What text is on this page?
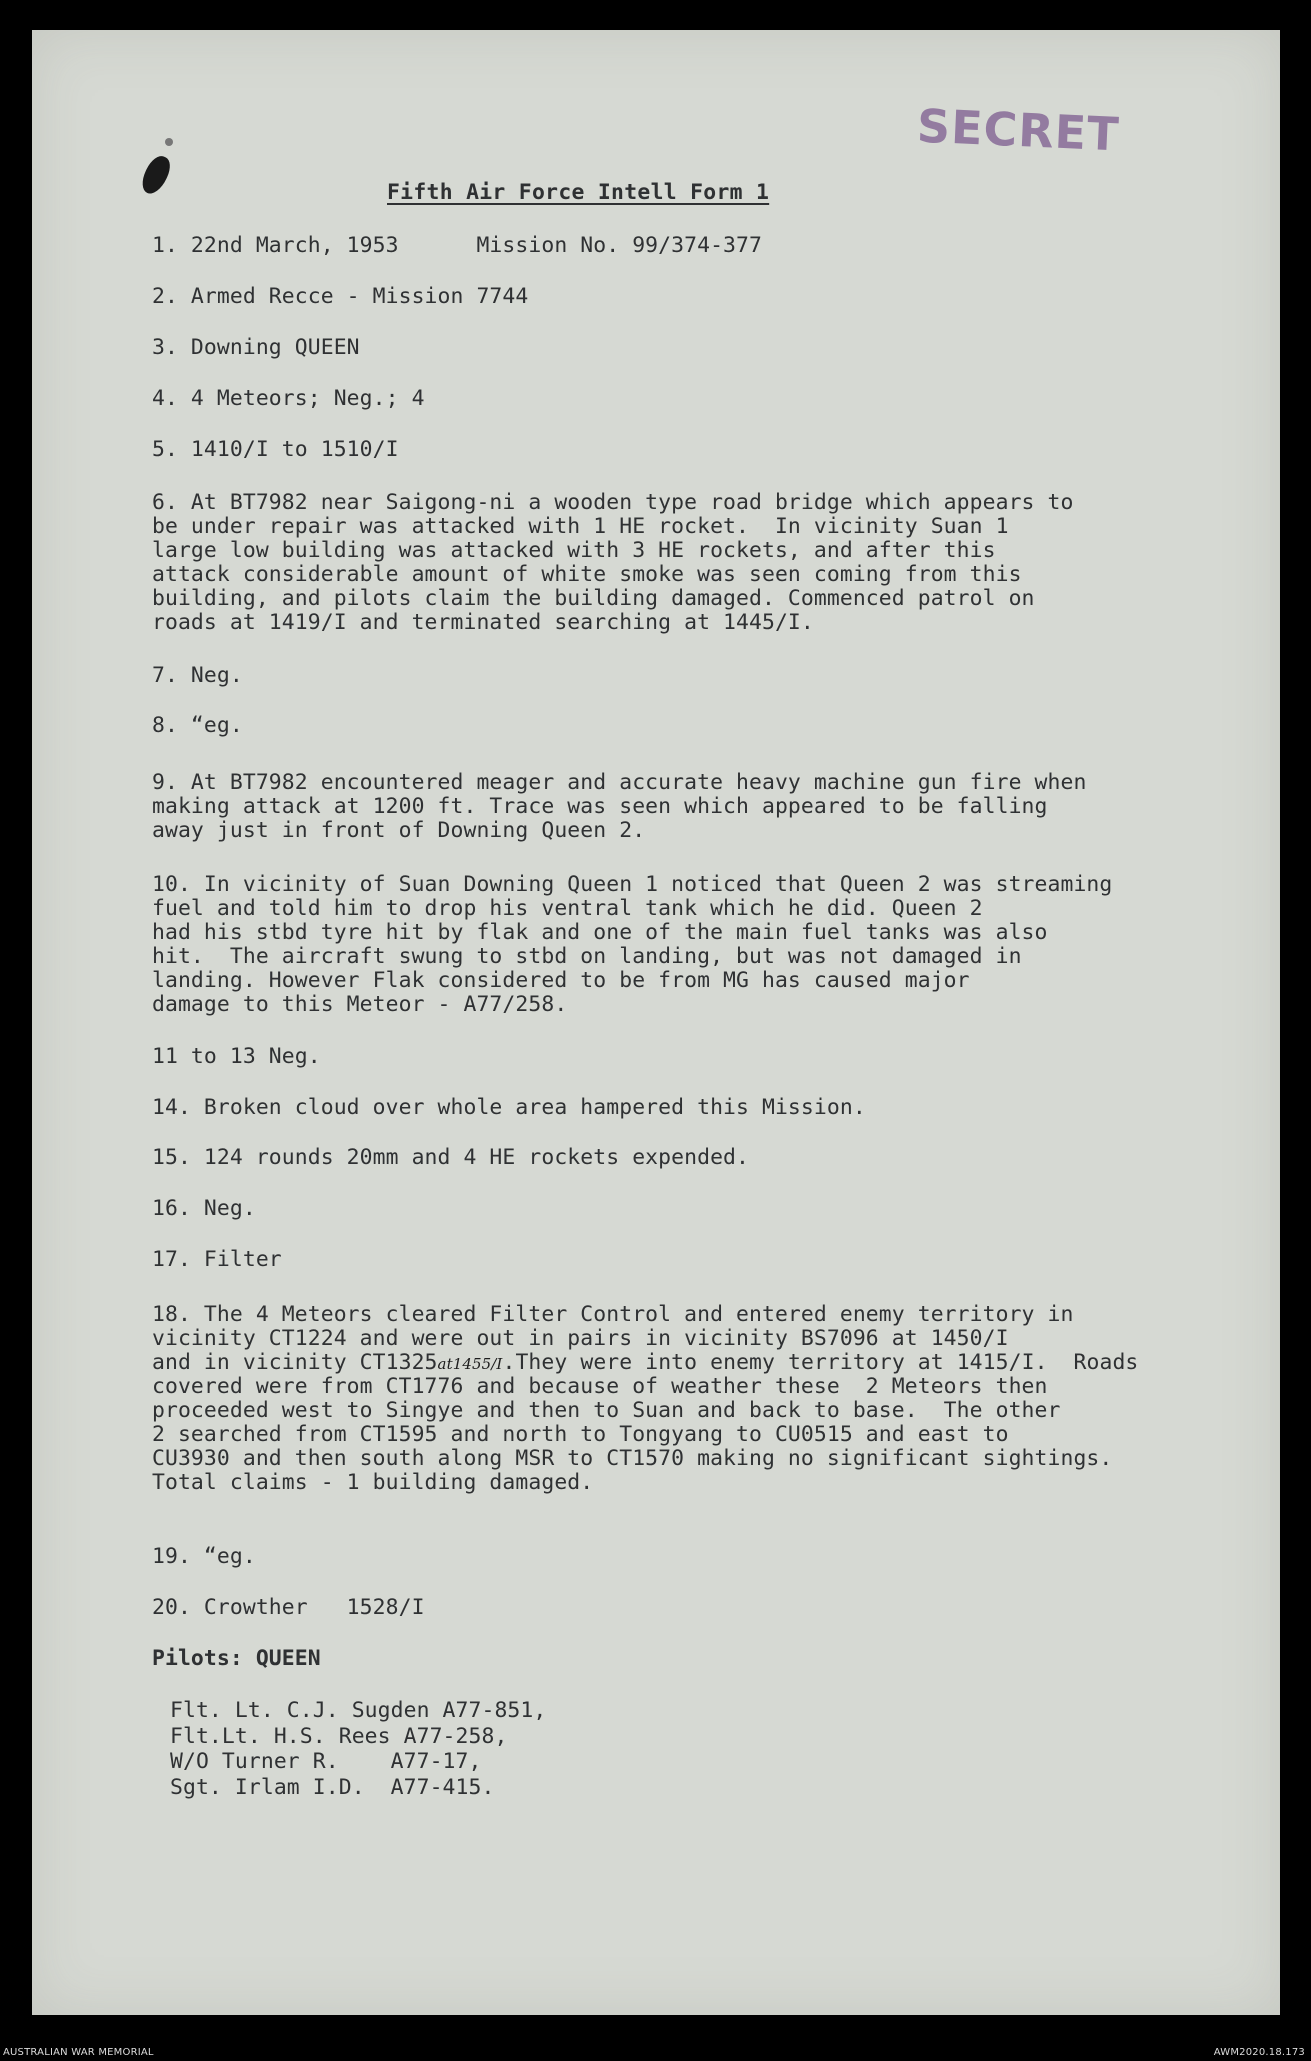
SECRET
Fifth Air Force Intell Form 1
1. 22nd March, 1953      Mission No. 99/374-377
2. Armed Recce - Mission 7744
3. Downing QUEEN
4. 4 Meteors; Neg.; 4
5. 1410/I to 1510/I
6. At BT7982 near Saigong-ni a wooden type road bridge which appears to
be under repair was attacked with 1 HE rocket.  In vicinity Suan 1
large low building was attacked with 3 HE rockets, and after this
attack considerable amount of white smoke was seen coming from this
building, and pilots claim the building damaged. Commenced patrol on
roads at 1419/I and terminated searching at 1445/I.
7. Neg.
8. “eg.
9. At BT7982 encountered meager and accurate heavy machine gun fire when
making attack at 1200 ft. Trace was seen which appeared to be falling
away just in front of Downing Queen 2.
10. In vicinity of Suan Downing Queen 1 noticed that Queen 2 was streaming
fuel and told him to drop his ventral tank which he did. Queen 2
had his stbd tyre hit by flak and one of the main fuel tanks was also
hit.  The aircraft swung to stbd on landing, but was not damaged in
landing. However Flak considered to be from MG has caused major
damage to this Meteor - A77/258.
11 to 13 Neg.
14. Broken cloud over whole area hampered this Mission.
15. 124 rounds 20mm and 4 HE rockets expended.
16. Neg.
17. Filter
18. The 4 Meteors cleared Filter Control and entered enemy territory in
vicinity CT1224 and were out in pairs in vicinity BS7096 at 1450/I
and in vicinity CT1325at1455/I.They were into enemy territory at 1415/I.  Roads
covered were from CT1776 and because of weather these  2 Meteors then
proceeded west to Singye and then to Suan and back to base.  The other
2 searched from CT1595 and north to Tongyang to CU0515 and east to
CU3930 and then south along MSR to CT1570 making no significant sightings.
Total claims - 1 building damaged.
19. “eg.
20. Crowther   1528/I
Pilots: QUEEN
Flt. Lt. C.J. Sugden A77-851,
Flt.Lt. H.S. Rees A77-258,
W/O Turner R.    A77-17,
Sgt. Irlam I.D.  A77-415.
AUSTRALIAN WAR MEMORIAL	AWM2020.18.173
